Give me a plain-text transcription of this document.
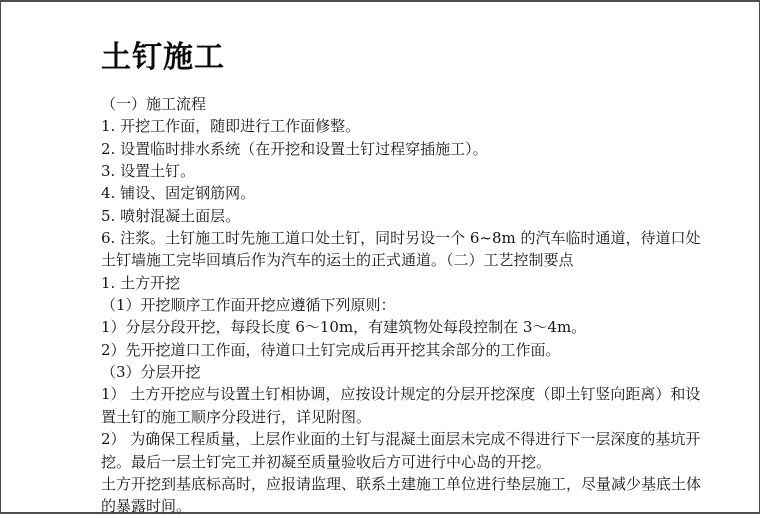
土钉施工
（一）施工流程
1. 开挖工作面，随即进行工作面修整。
2. 设置临时排水系统（在开挖和设置土钉过程穿插施工）。
3. 设置土钉。
4. 铺设、固定钢筋网。
5. 喷射混凝土面层。
6. 注浆。土钉施工时先施工道口处土钉，同时另设一个 6~8m 的汽车临时通道，待道口处
土钉墙施工完毕回填后作为汽车的运土的正式通道。（二）工艺控制要点
1. 土方开挖
（1）开挖顺序工作面开挖应遵循下列原则：
1）分层分段开挖，每段长度 6～10m，有建筑物处每段控制在 3～4m。
2）先开挖道口工作面，待道口土钉完成后再开挖其余部分的工作面。
（3）分层开挖
1） 土方开挖应与设置土钉相协调，应按设计规定的分层开挖深度（即土钉竖向距离）和设
置土钉的施工顺序分段进行，详见附图。
2） 为确保工程质量，上层作业面的土钉与混凝土面层未完成不得进行下一层深度的基坑开
挖。最后一层土钉完工并初凝至质量验收后方可进行中心岛的开挖。
土方开挖到基底标高时，应报请监理、联系土建施工单位进行垫层施工，尽量减少基底土体
的暴露时间。
